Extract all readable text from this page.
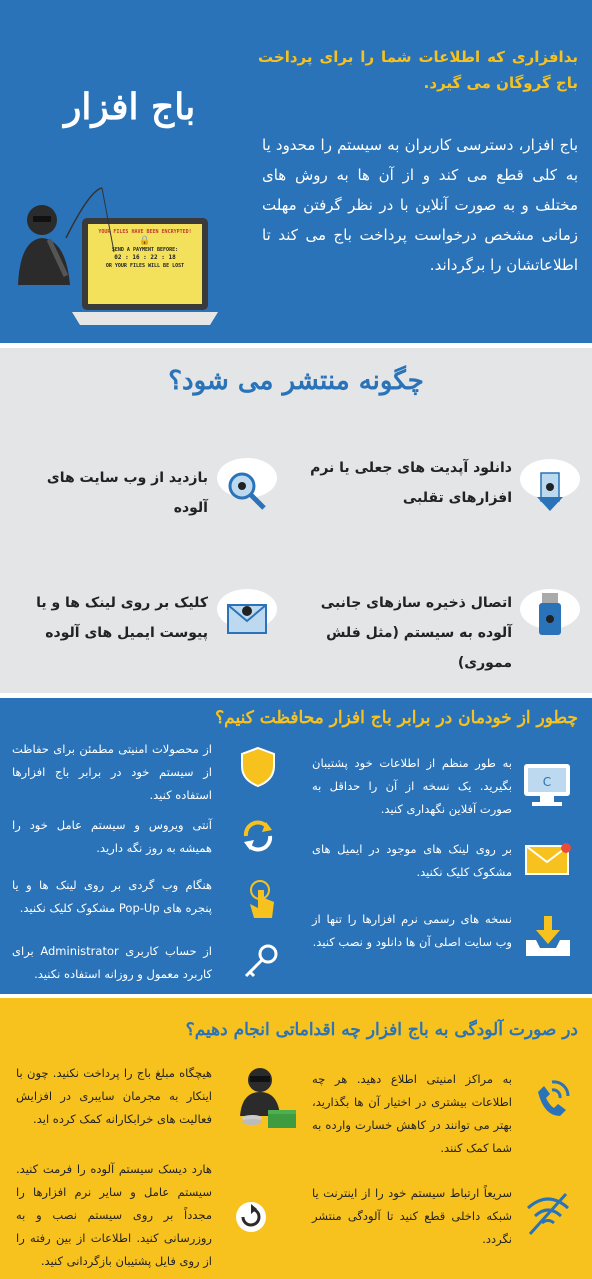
باج افزار
بدافزاری که اطلاعات شما را برای پرداخت باج گروگان می گیرد.
باج افزار، دسترسی کاربران به سیستم را محدود یا به کلی قطع می کند و از آن ها به روش های مختلف و به صورت آنلاین با در نظر گرفتن مهلت زمانی مشخص درخواست پرداخت باج می کند تا اطلاعاتشان را برگرداند.
YOUR FILES HAVE BEEN ENCRYPTED!
🔒
SEND A PAYMENT BEFORE:
02 : 16 : 22 : 18
OR YOUR FILES WILL BE LOST
چگونه منتشر می شود؟
دانلود آپدیت های جعلی یا نرم افزارهای تقلبی
بازدید از وب سایت های آلوده
اتصال ذخیره سازهای جانبی آلوده به سیستم (مثل فلش مموری)
کلیک بر روی لینک ها و یا پیوست ایمیل های آلوده
چطور از خودمان در برابر باج افزار محافظت کنیم؟
به طور منظم از اطلاعات خود پشتیبان بگیرید. یک نسخه از آن را حداقل به صورت آفلاین نگهداری کنید.
C
بر روی لینک های موجود در ایمیل های مشکوک کلیک نکنید.
نسخه های رسمی نرم افزارها را تنها از وب سایت اصلی آن ها دانلود و نصب کنید.
از محصولات امنیتی مطمئن برای حفاظت از سیستم خود در برابر باج افزارها استفاده کنید.
آنتی ویروس و سیستم عامل خود را همیشه به روز نگه دارید.
هنگام وب گردی بر روی لینک ها و یا پنجره های Pop-Up مشکوک کلیک نکنید.
از حساب کاربری Administrator برای کاربرد معمول و روزانه استفاده نکنید.
در صورت آلودگی به باج افزار چه اقداماتی انجام دهیم؟
به مراکز امنیتی اطلاع دهید. هر چه اطلاعات بیشتری در اختیار آن ها بگذارید، بهتر می توانند در کاهش خسارت وارده به شما کمک کنند.
سریعاً ارتباط سیستم خود را از اینترنت یا شبکه داخلی قطع کنید تا آلودگی منتشر نگردد.
هیچگاه مبلغ باج را پرداخت نکنید. چون با اینکار به مجرمان سایبری در افزایش فعالیت های خرابکارانه کمک کرده اید.
هارد دیسک سیستم آلوده را فرمت کنید. سیستم عامل و سایر نرم افزارها را مجدداً بر روی سیستم نصب و به روزرسانی کنید. اطلاعات از بین رفته را از روی فایل پشتیبان بازگردانی کنید.
